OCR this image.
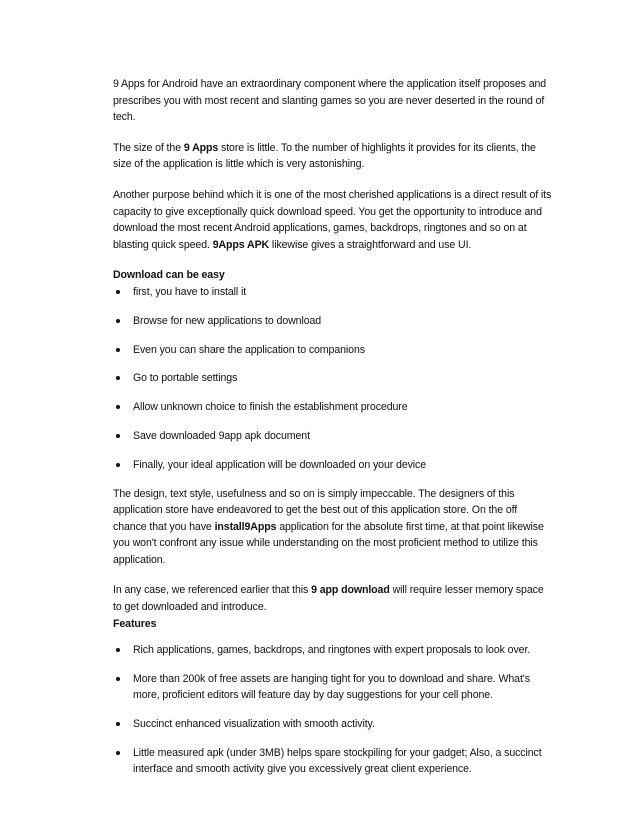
9 Apps for Android have an extraordinary component where the application itself proposes and prescribes you with most recent and slanting games so you are never deserted in the round of tech.

The size of the 9 Apps store is little. To the number of highlights it provides for its clients, the size of the application is little which is very astonishing.

Another purpose behind which it is one of the most cherished applications is a direct result of its capacity to give exceptionally quick download speed. You get the opportunity to introduce and download the most recent Android applications, games, backdrops, ringtones and so on at blasting quick speed. 9Apps APK likewise gives a straightforward and use UI.

Download can be easy

first, you have to install it
Browse for new applications to download
Even you can share the application to companions
Go to portable settings
Allow unknown choice to finish the establishment procedure
Save downloaded 9app apk document
Finally, your ideal application will be downloaded on your device

The design, text style, usefulness and so on is simply impeccable. The designers of this application store have endeavored to get the best out of this application store. On the off chance that you have install9Apps application for the absolute first time, at that point likewise you won't confront any issue while understanding on the most proficient method to utilize this application.

In any case, we referenced earlier that this 9 app download will require lesser memory space to get downloaded and introduce.

Features

Rich applications, games, backdrops, and ringtones with expert proposals to look over.
More than 200k of free assets are hanging tight for you to download and share. What's more, proficient editors will feature day by day suggestions for your cell phone.
Succinct enhanced visualization with smooth activity.
Little measured apk (under 3MB) helps spare stockpiling for your gadget; Also, a succinct interface and smooth activity give you excessively great client experience.
